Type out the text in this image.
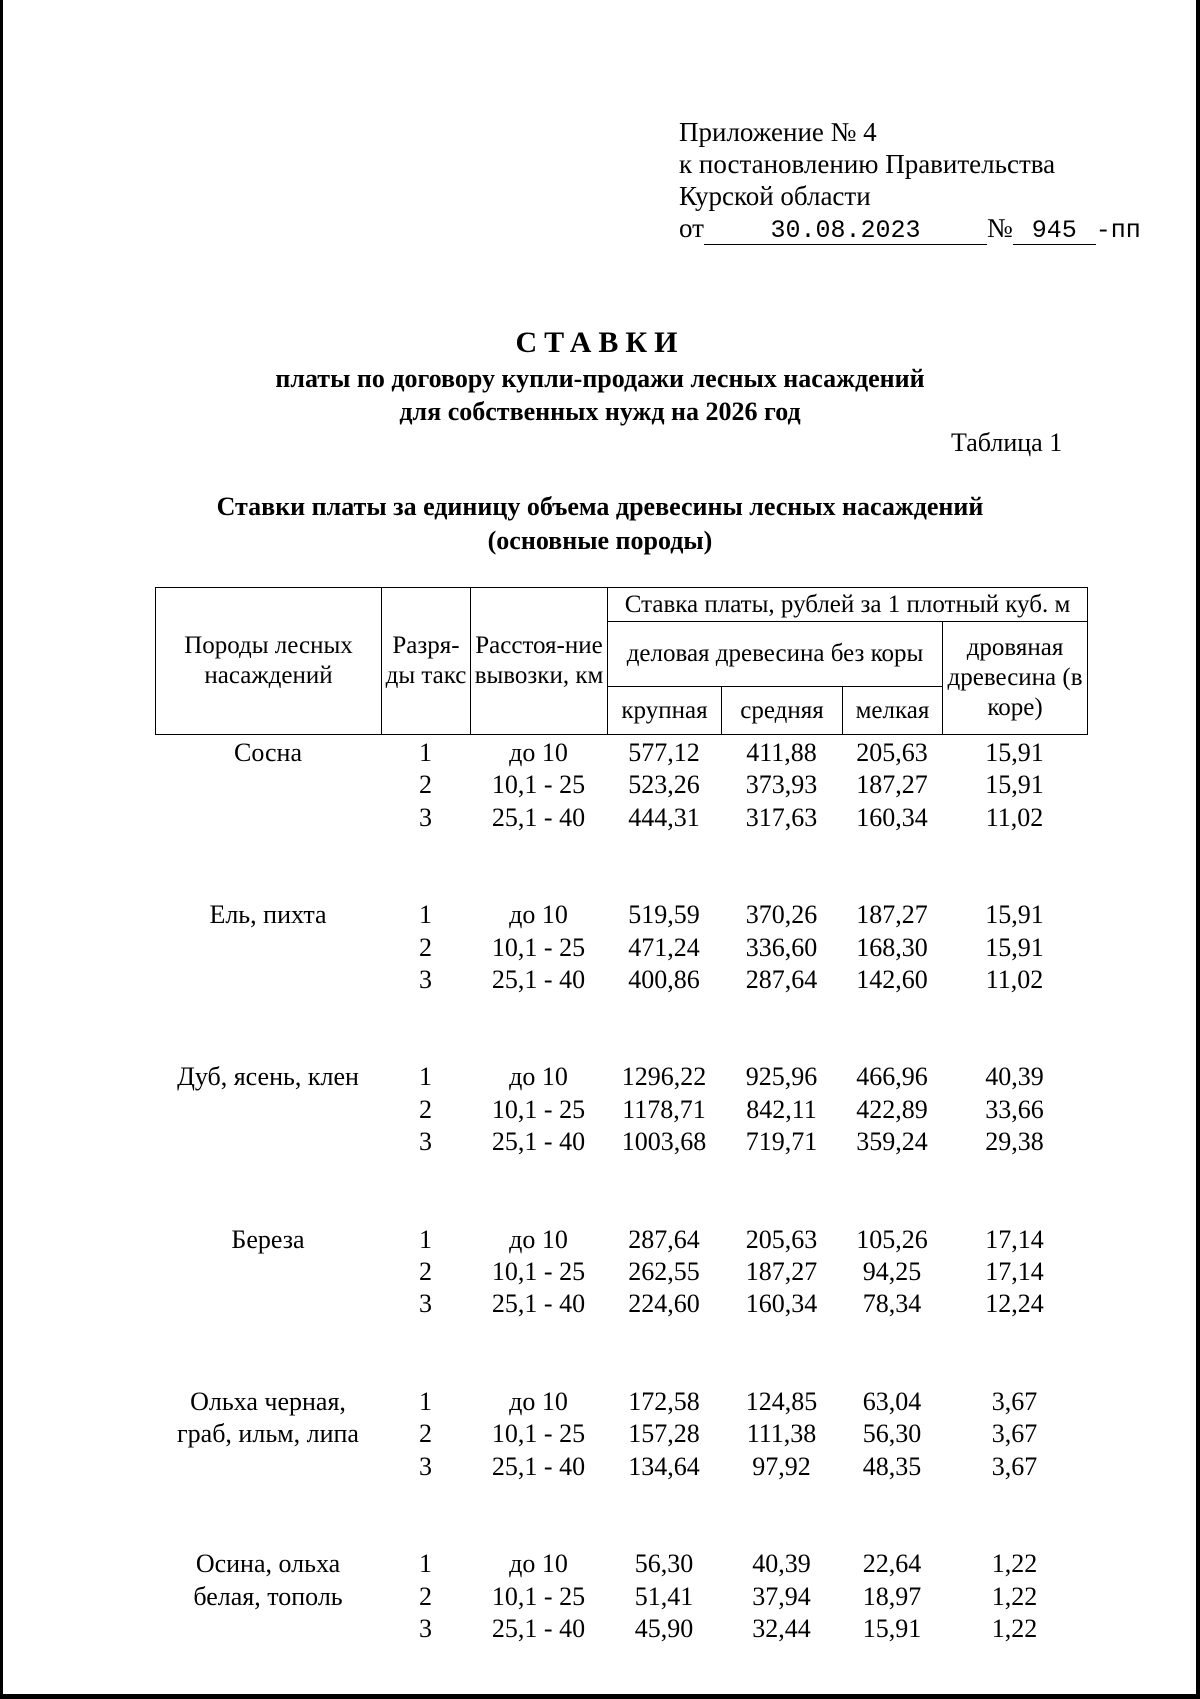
Приложение № 4
к постановлению Правительства
Курской области
от	30.08.2023 № 945 -пп
СТАВКИ
платы по договору купли-продажи лесных насаждений
для собственных нужд на 2026 год
Таблица 1
Ставки платы за единицу объема древесины лесных насаждений
(основные породы)
Породы лесных насаждений	Разря-ды такс	Расстоя-ние вывозки, км	Ставка платы, рублей за 1 плотный куб. м			
			деловая древесина без коры			дровяная древесина (в коре)
			крупная	средняя	мелкая	
Сосна	1	до 10	577,12	411,88	205,63	15,91
	2	10,1 - 25	523,26	373,93	187,27	15,91
	3	25,1 - 40	444,31	317,63	160,34	11,02

Ель, пихта	1	до 10	519,59	370,26	187,27	15,91
	2	10,1 - 25	471,24	336,60	168,30	15,91
	3	25,1 - 40	400,86	287,64	142,60	11,02

Дуб, ясень, клен	1	до 10	1296,22	925,96	466,96	40,39
	2	10,1 - 25	1178,71	842,11	422,89	33,66
	3	25,1 - 40	1003,68	719,71	359,24	29,38

Береза	1	до 10	287,64	205,63	105,26	17,14
	2	10,1 - 25	262,55	187,27	94,25	17,14
	3	25,1 - 40	224,60	160,34	78,34	12,24

Ольха черная,
граб, ильм, липа	1	до 10	172,58	124,85	63,04	3,67
	2	10,1 - 25	157,28	111,38	56,30	3,67
	3	25,1 - 40	134,64	97,92	48,35	3,67

Осина, ольха
белая, тополь	1	до 10	56,30	40,39	22,64	1,22
	2	10,1 - 25	51,41	37,94	18,97	1,22
	3	25,1 - 40	45,90	32,44	15,91	1,22
